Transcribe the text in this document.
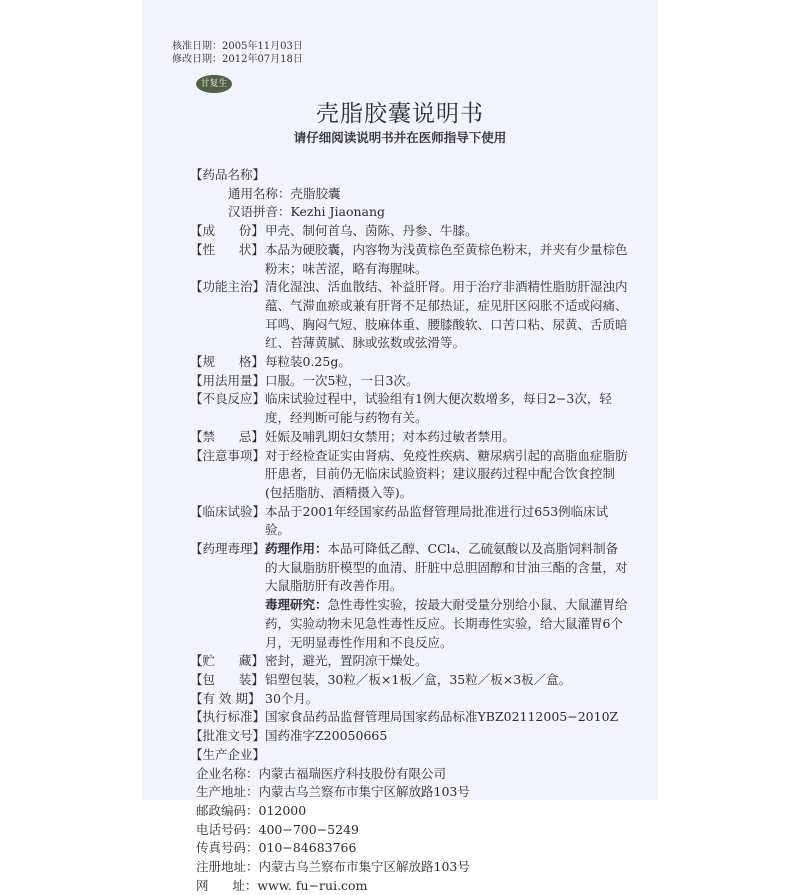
核准日期：2005年11月03日
修改日期：2012年07月18日
甘复生
壳脂胶囊说明书
请仔细阅读说明书并在医师指导下使用
【药品名称】
通用名称：壳脂胶囊
汉语拼音：Kezhi Jiaonang
【成      份】 甲壳、制何首乌、茵陈、丹参、牛膝。
【性      状】 本品为硬胶囊，内容物为浅黄棕色至黄棕色粉末，并夹有少量棕色粉末；味苦涩，略有海腥味。
【功能主治】 清化湿浊、活血散结、补益肝肾。用于治疗非酒精性脂肪肝湿浊内蕴、气滞血瘀或兼有肝肾不足郁热证，症见肝区闷胀不适或闷痛、耳鸣、胸闷气短、肢麻体重、腰膝酸软、口苦口粘、尿黄、舌质暗红、苔薄黄腻、脉或弦数或弦滑等。
【规      格】 每粒装0.25g。
【用法用量】 口服。一次5粒，一日3次。
【不良反应】 临床试验过程中，试验组有1例大便次数增多，每日2−3次，轻度，经判断可能与药物有关。
【禁      忌】 妊娠及哺乳期妇女禁用；对本药过敏者禁用。
【注意事项】 对于经检查证实由肾病、免疫性疾病、糖尿病引起的高脂血症脂肪肝患者，目前仍无临床试验资料；建议服药过程中配合饮食控制(包括脂肪、酒精摄入等)。
【临床试验】 本品于2001年经国家药品监督管理局批准进行过653例临床试验。
【药理毒理】 药理作用：本品可降低乙醇、CCl₄、乙硫氨酸以及高脂饲料制备的大鼠脂肪肝模型的血清、肝脏中总胆固醇和甘油三酯的含量，对大鼠脂肪肝有改善作用。
毒理研究：急性毒性实验，按最大耐受量分别给小鼠、大鼠灌胃给药，实验动物未见急性毒性反应。长期毒性实验，给大鼠灌胃6个月，无明显毒性作用和不良反应。
【贮      藏】 密封，避光，置阴凉干燥处。
【包      装】 铝塑包装，30粒／板×1板／盒，35粒／板×3板／盒。
【有 效 期】 30个月。
【执行标准】 国家食品药品监督管理局国家药品标准YBZ02112005−2010Z
【批准文号】 国药准字Z20050665
【生产企业】
企业名称：内蒙古福瑞医疗科技股份有限公司
生产地址：内蒙古乌兰察布市集宁区解放路103号
邮政编码：012000
电话号码：400−700−5249
传真号码：010−84683766
注册地址：内蒙古乌兰察布市集宁区解放路103号
网      址：www. fu−rui.com
